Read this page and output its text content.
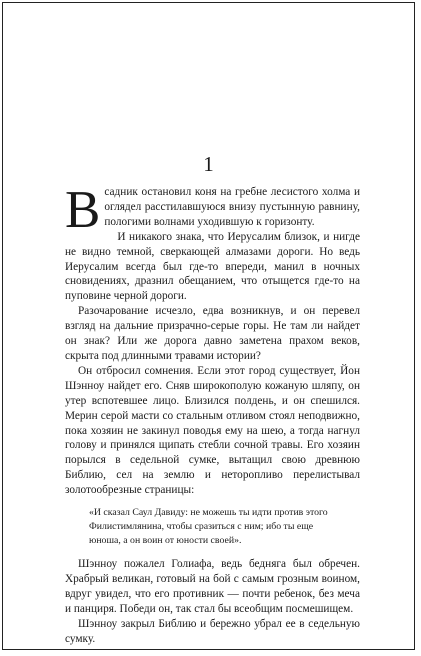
1

Всадник остановил коня на гребне лесистого холма и оглядел расстилавшуюся внизу пустынную равнину, пологими волнами уходившую к горизонту.

И никакого знака, что Иерусалим близок, и нигде не видно темной, сверкающей алмазами дороги. Но ведь Иерусалим всегда был где-то впереди, манил в ночных сновидениях, дразнил обещанием, что отыщется где-то на пуповине черной дороги.

Разочарование исчезло, едва возникнув, и он перевел взгляд на дальние призрачно-серые горы. Не там ли найдет он знак? Или же дорога давно заметена прахом веков, скрыта под длинными травами истории?

Он отбросил сомнения. Если этот город существует, Йон Шэнноу найдет его. Сняв широкополую кожаную шляпу, он утер вспотевшее лицо. Близился полдень, и он спешился. Мерин серой масти со стальным отливом стоял неподвижно, пока хозяин не закинул поводья ему на шею, а тогда нагнул голову и принялся щипать стебли сочной травы. Его хозяин порылся в седельной сумке, вытащил свою древнюю Библию, сел на землю и неторопливо перелистывал золотообрезные страницы:

«И сказал Саул Давиду: не можешь ты идти против этого Филистимлянина, чтобы сразиться с ним; ибо ты еще юноша, а он воин от юности своей».

Шэнноу пожалел Голиафа, ведь бедняга был обречен. Храбрый великан, готовый на бой с самым грозным воином, вдруг увидел, что его противник — почти ребенок, без меча и панциря. Победи он, так стал бы всеобщим посмешищем.

Шэнноу закрыл Библию и бережно убрал ее в седельную сумку.
